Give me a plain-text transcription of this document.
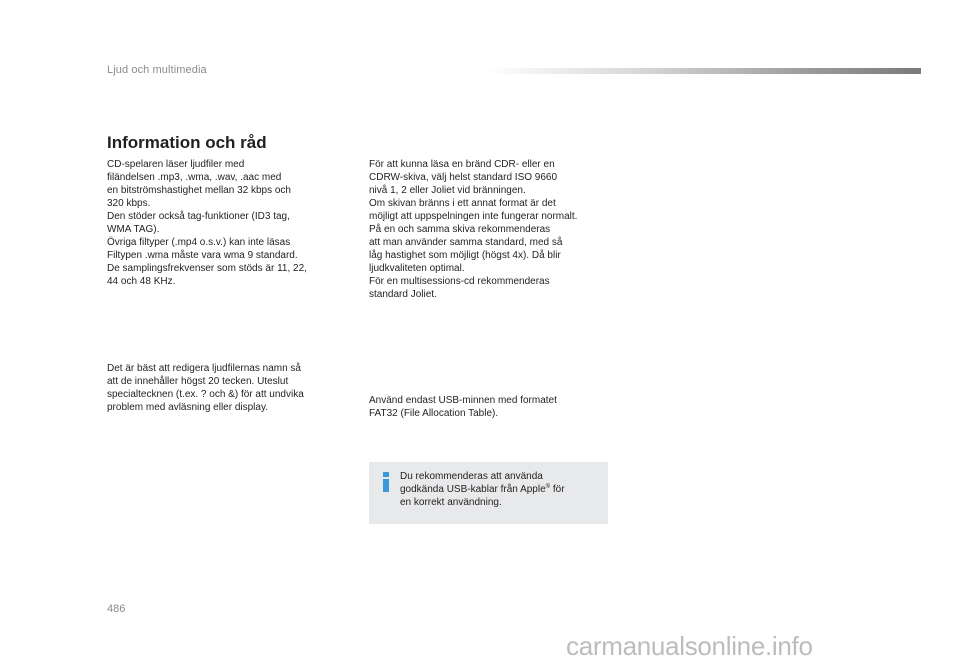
Ljud och multimedia
Information och råd
CD-spelaren läser ljudfiler med
filändelsen .mp3, .wma, .wav, .aac med
en bitströmshastighet mellan 32 kbps och
320 kbps.
Den stöder också tag-funktioner (ID3 tag,
WMA TAG).
Övriga filtyper (.mp4 o.s.v.) kan inte läsas
Filtypen .wma måste vara wma 9 standard.
De samplingsfrekvenser som stöds är 11, 22,
44 och 48 KHz.
Det är bäst att redigera ljudfilernas namn så
att de innehåller högst 20 tecken. Uteslut
specialtecknen (t.ex. ? och &) för att undvika
problem med avläsning eller display.
För att kunna läsa en bränd CDR- eller en
CDRW-skiva, välj helst standard ISO 9660
nivå 1, 2 eller Joliet vid bränningen.
Om skivan bränns i ett annat format är det
möjligt att uppspelningen inte fungerar normalt.
På en och samma skiva rekommenderas
att man använder samma standard, med så
låg hastighet som möjligt (högst 4x). Då blir
ljudkvaliteten optimal.
För en multisessions-cd rekommenderas
standard Joliet.
Använd endast USB-minnen med formatet
FAT32 (File Allocation Table).
Du rekommenderas att använda
godkända USB-kablar från Apple® för
en korrekt användning.
486
carmanualsonline.info
